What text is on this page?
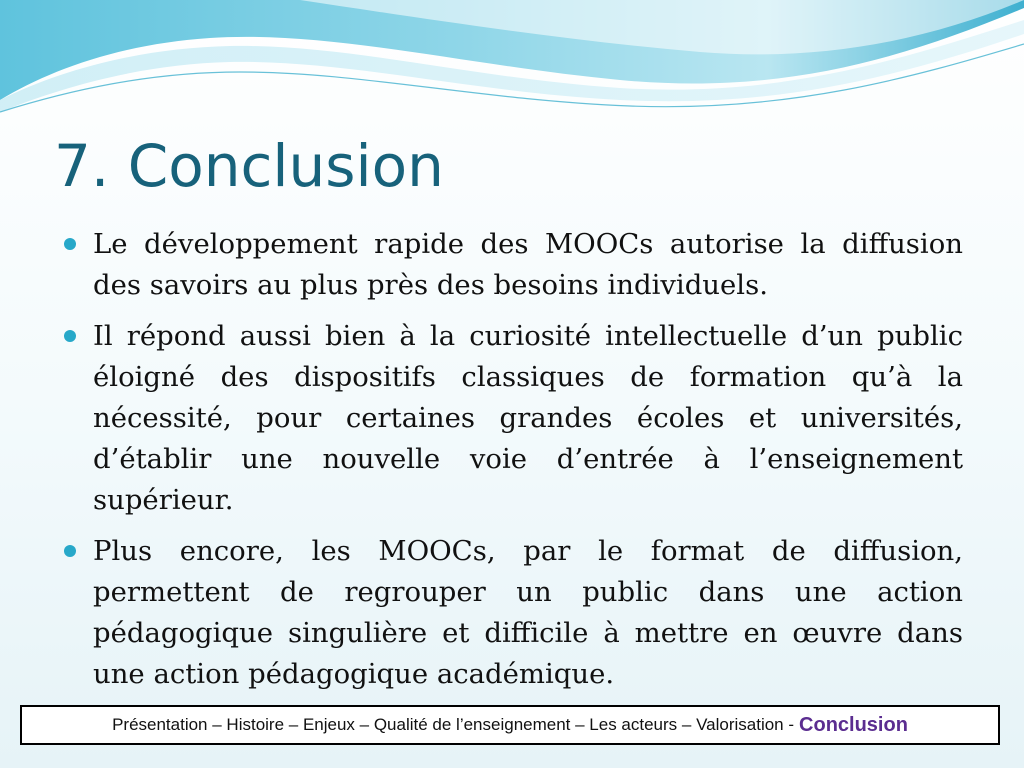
7. Conclusion
Le développement rapide des MOOCs autorise la diffusion des savoirs au plus près des besoins individuels.
Il répond aussi bien à la curiosité intellectuelle d’un public éloigné des dispositifs classiques de formation qu’à la nécessité, pour certaines grandes écoles et universités, d’établir une nouvelle voie d’entrée à l’enseignement supérieur.
Plus encore, les MOOCs, par le format de diffusion, permettent de regrouper un public dans une action pédagogique singulière et difficile à mettre en œuvre dans une action pédagogique académique.
Présentation – Histoire – Enjeux – Qualité de l’enseignement – Les acteurs – Valorisation - Conclusion
